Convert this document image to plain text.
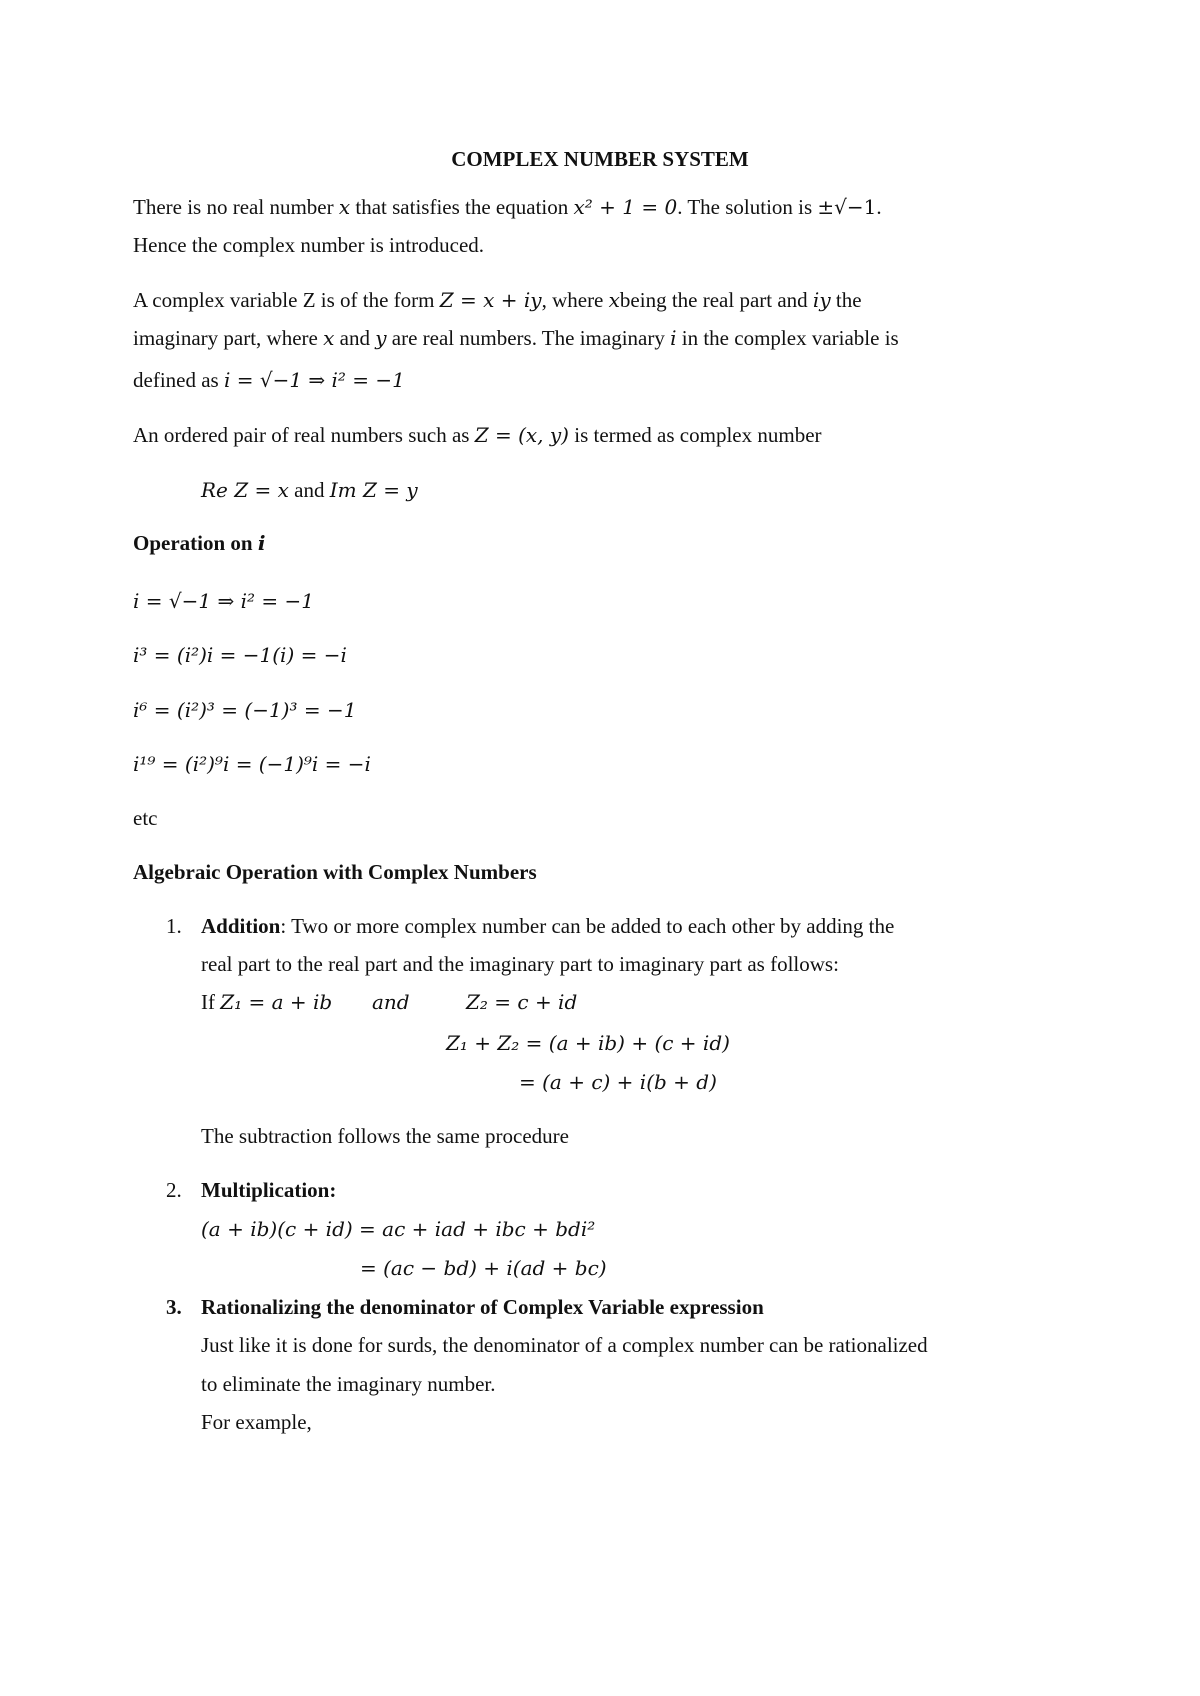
COMPLEX NUMBER SYSTEM
There is no real number x that satisfies the equation x² + 1 = 0. The solution is ±√−1.
Hence the complex number is introduced.
A complex variable Z is of the form Z = x + iy, where xbeing the real part and iy the
imaginary part, where x and y are real numbers. The imaginary i in the complex variable is
defined as i = √−1 ⇒ i² = −1
An ordered pair of real numbers such as Z = (x, y) is termed as complex number
Re Z = x and Im Z = y
Operation on i
i = √−1 ⇒ i² = −1
i³ = (i²)i = −1(i) = −i
i⁶ = (i²)³ = (−1)³ = −1
i¹⁹ = (i²)⁹i = (−1)⁹i = −i
etc
Algebraic Operation with Complex Numbers
1. Addition: Two or more complex number can be added to each other by adding the
real part to the real part and the imaginary part to imaginary part as follows:
If Z₁ = a + ib and	Z₂ = c + id
Z₁ + Z₂ = (a + ib) + (c + id)
= (a + c) + i(b + d)
The subtraction follows the same procedure
2. Multiplication:
(a + ib)(c + id) = ac + iad + ibc + bdi²
= (ac − bd) + i(ad + bc)
3. Rationalizing the denominator of Complex Variable expression
Just like it is done for surds, the denominator of a complex number can be rationalized
to eliminate the imaginary number.
For example,
